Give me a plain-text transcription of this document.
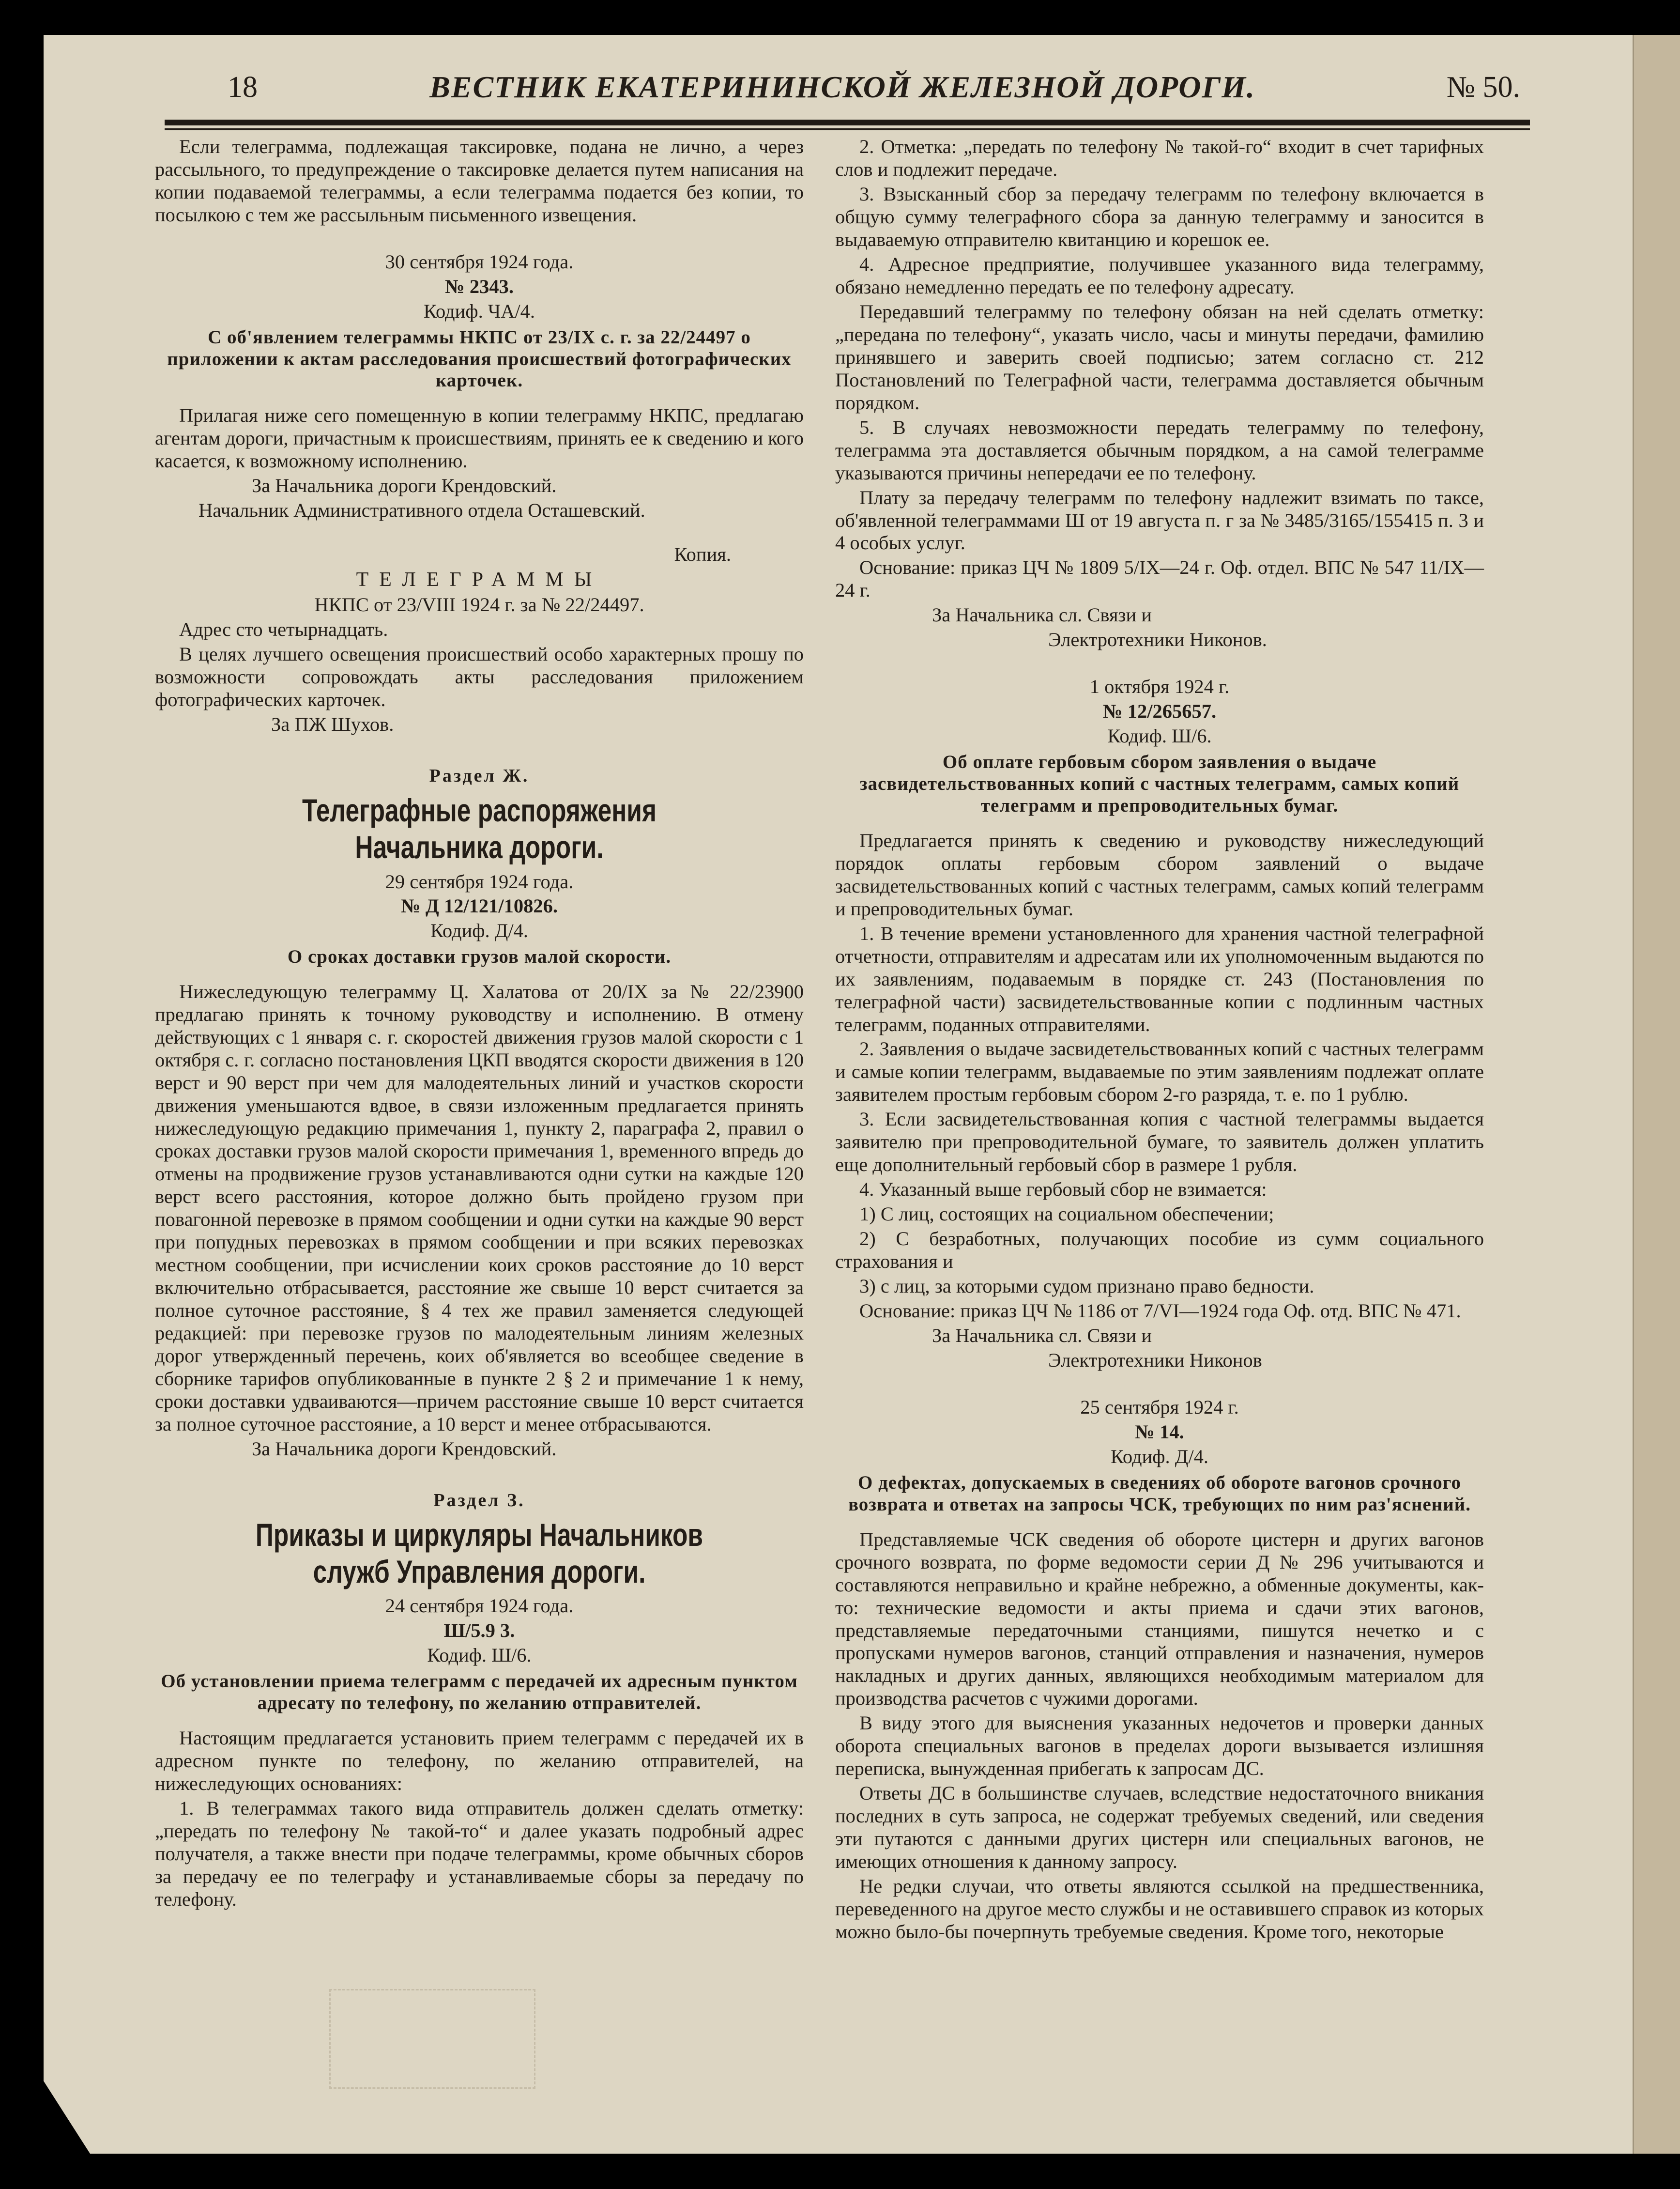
18	ВЕСТНИК ЕКАТЕРИНИНСКОЙ ЖЕЛЕЗНОЙ ДОРОГИ.	№ 50.

Если телеграмма, подлежащая таксировке, подана не лично, а через рассыльного, то предупреждение о таксировке делается путем написания на копии подаваемой телеграммы, а если телеграмма подается без копии, то посылкою с тем же рассыльным письменного извещения.

30 сентября 1924 года.

№ 2343.

Кодиф. ЧА/4.

С об'явлением телеграммы НКПС от 23/IX с. г. за 22/24497 о приложении к актам расследования происшествий фотографических карточек.

Прилагая ниже сего помещенную в копии телеграмму НКПС, предлагаю агентам дороги, причастным к происшествиям, принять ее к сведению и кого касается, к возможному исполнению.

За Начальника дороги Крендовский.

Начальник Административного отдела Осташевский.

Копия.

ТЕЛЕГРАММЫ

НКПС от 23/VIII 1924 г. за № 22/24497.

Адрес сто четырнадцать.

В целях лучшего освещения происшествий особо характерных прошу по возможности сопровождать акты расследования приложением фотографических карточек.

За ПЖ Шухов.

Раздел Ж.

Телеграфные распоряжения Начальника дороги.

29 сентября 1924 года.

№ Д 12/121/10826.

Кодиф. Д/4.

О сроках доставки грузов малой скорости.

Нижеследующую телеграмму Ц. Халатова от 20/IX за № 22/23900 предлагаю принять к точному руководству и исполнению. В отмену действующих с 1 января с. г. скоростей движения грузов малой скорости с 1 октября с. г. согласно постановления ЦКП вводятся скорости движения в 120 верст и 90 верст при чем для малодеятельных линий и участков скорости движения уменьшаются вдвое, в связи изложенным предлагается принять нижеследующую редакцию примечания 1, пункту 2, параграфа 2, правил о сроках доставки грузов малой скорости примечания 1, временного впредь до отмены на продвижение грузов устанавливаются одни сутки на каждые 120 верст всего расстояния, которое должно быть пройдено грузом при повагонной перевозке в прямом сообщении и одни сутки на каждые 90 верст при попудных перевозках в прямом сообщении и при всяких перевозках местном сообщении, при исчислении коих сроков расстояние до 10 верст включительно отбрасывается, расстояние же свыше 10 верст считается за полное суточное расстояние, § 4 тех же правил заменяется следующей редакцией: при перевозке грузов по малодеятельным линиям железных дорог утвержденный перечень, коих об'является во всеобщее сведение в сборнике тарифов опубликованные в пункте 2 § 2 и примечание 1 к нему, сроки доставки удваиваются—причем расстояние свыше 10 верст считается за полное суточное расстояние, а 10 верст и менее отбрасываются.

За Начальника дороги Крендовский.

Раздел З.

Приказы и циркуляры Начальников служб Управления дороги.

24 сентября 1924 года.

Ш/5.9 3.

Кодиф. Ш/6.

Об установлении приема телеграмм с передачей их адресным пунктом адресату по телефону, по желанию отправителей.

Настоящим предлагается установить прием телеграмм с передачей их в адресном пункте по телефону, по желанию отправителей, на нижеследующих основаниях:

1. В телеграммах такого вида отправитель должен сделать отметку: „передать по телефону № такой-то“ и далее указать подробный адрес получателя, а также внести при подаче телеграммы, кроме обычных сборов за передачу ее по телеграфу и устанавливаемые сборы за передачу по телефону.

2. Отметка: „передать по телефону № такой-го“ входит в счет тарифных слов и подлежит передаче.

3. Взысканный сбор за передачу телеграмм по телефону включается в общую сумму телеграфного сбора за данную телеграмму и заносится в выдаваемую отправителю квитанцию и корешок ее.

4. Адресное предприятие, получившее указанного вида телеграмму, обязано немедленно передать ее по телефону адресату.

Передавший телеграмму по телефону обязан на ней сделать отметку: „передана по телефону“, указать число, часы и минуты передачи, фамилию принявшего и заверить своей подписью; затем согласно ст. 212 Постановлений по Телеграфной части, телеграмма доставляется обычным порядком.

5. В случаях невозможности передать телеграмму по телефону, телеграмма эта доставляется обычным порядком, а на самой телеграмме указываются причины непередачи ее по телефону.

Плату за передачу телеграмм по телефону надлежит взимать по таксе, об'явленной телеграммами Ш от 19 августа п. г за № 3485/3165/155415 п. 3 и 4 особых услуг.

Основание: приказ ЦЧ № 1809 5/IX—24 г. Оф. отдел. ВПС № 547 11/IX—24 г.

За Начальника сл. Связи и

Электротехники Никонов.

1 октября 1924 г.

№ 12/265657.

Кодиф. Ш/6.

Об оплате гербовым сбором заявления о выдаче засвидетельствованных копий с частных телеграмм, самых копий телеграмм и препроводительных бумаг.

Предлагается принять к сведению и руководству нижеследующий порядок оплаты гербовым сбором заявлений о выдаче засвидетельствованных копий с частных телеграмм, самых копий телеграмм и препроводительных бумаг.

1. В течение времени установленного для хранения частной телеграфной отчетности, отправителям и адресатам или их уполномоченным выдаются по их заявлениям, подаваемым в порядке ст. 243 (Постановления по телеграфной части) засвидетельствованные копии с подлинным частных телеграмм, поданных отправителями.

2. Заявления о выдаче засвидетельствованных копий с частных телеграмм и самые копии телеграмм, выдаваемые по этим заявлениям подлежат оплате заявителем простым гербовым сбором 2-го разряда, т. е. по 1 рублю.

3. Если засвидетельствованная копия с частной телеграммы выдается заявителю при препроводительной бумаге, то заявитель должен уплатить еще дополнительный гербовый сбор в размере 1 рубля.

4. Указанный выше гербовый сбор не взимается:

1) С лиц, состоящих на социальном обеспечении;

2) С безработных, получающих пособие из сумм социального страхования и

3) с лиц, за которыми судом признано право бедности.

Основание: приказ ЦЧ № 1186 от 7/VI—1924 года Оф. отд. ВПС № 471.

За Начальника сл. Связи и

Электротехники Никонов

25 сентября 1924 г.

№ 14.

Кодиф. Д/4.

О дефектах, допускаемых в сведениях об обороте вагонов срочного возврата и ответах на запросы ЧСК, требующих по ним раз'яснений.

Представляемые ЧСК сведения об обороте цистерн и других вагонов срочного возврата, по форме ведомости серии Д № 296 учитываются и составляются неправильно и крайне небрежно, а обменные документы, как-то: технические ведомости и акты приема и сдачи этих вагонов, представляемые передаточными станциями, пишутся нечетко и с пропусками нумеров вагонов, станций отправления и назначения, нумеров накладных и других данных, являющихся необходимым материалом для производства расчетов с чужими дорогами.

В виду этого для выяснения указанных недочетов и проверки данных оборота специальных вагонов в пределах дороги вызывается излишняя переписка, вынужденная прибегать к запросам ДС.

Ответы ДС в большинстве случаев, вследствие недостаточного вникания последних в суть запроса, не содержат требуемых сведений, или сведения эти путаются с данными других цистерн или специальных вагонов, не имеющих отношения к данному запросу.

Не редки случаи, что ответы являются ссылкой на предшественника, переведенного на другое место службы и не оставившего справок из которых можно было-бы почерпнуть требуемые сведения. Кроме того, некоторые
